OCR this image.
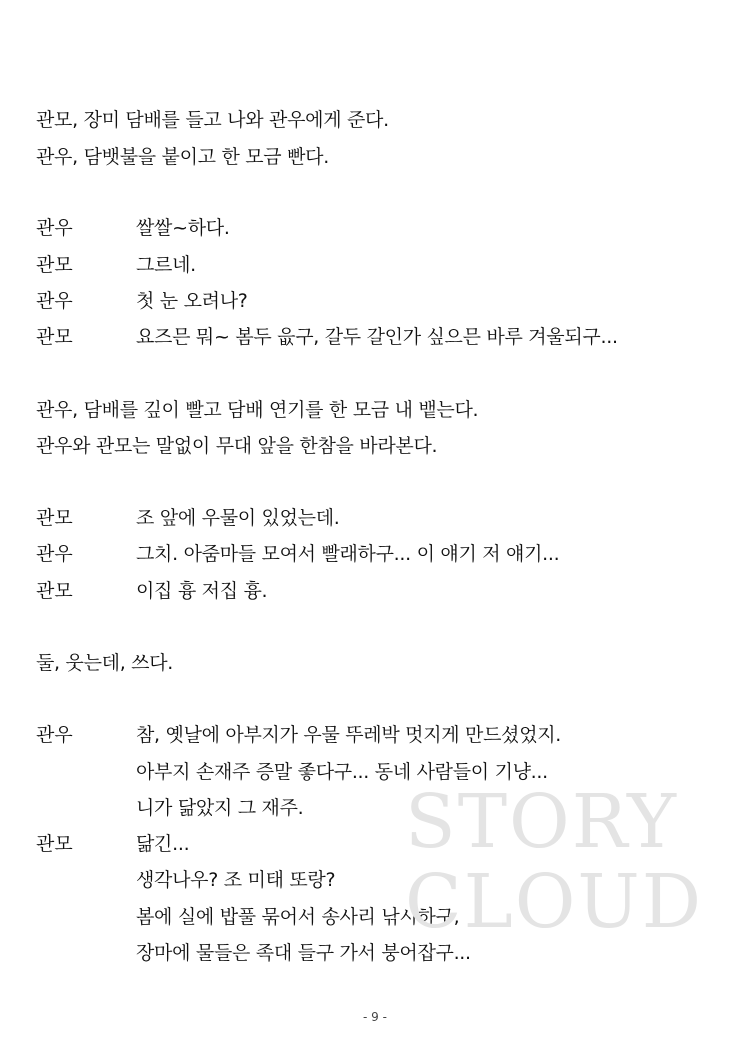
관모, 장미 담배를 들고 나와 관우에게 준다.
관우, 담뱃불을 붙이고 한 모금 빤다.
관우	쌀쌀~하다.
관모	그르네.
관우	첫 눈 오려나?
관모	요즈믄 뭐~ 봄두 읎구, 갈두 갈인가 싶으믄 바루 겨울되구...
관우, 담배를 깊이 빨고 담배 연기를 한 모금 내 뱉는다.
관우와 관모는 말없이 무대 앞을 한참을 바라본다.
관모	조 앞에 우물이 있었는데.
관우	그치. 아줌마들 모여서 빨래하구... 이 얘기 저 얘기...
관모	이집 흉 저집 흉.
둘, 웃는데, 쓰다.
관우	참, 옛날에 아부지가 우물 뚜레박 멋지게 만드셨었지.
아부지 손재주 증말 좋다구... 동네 사람들이 기냥...
니가 닮았지 그 재주.
관모	닮긴...
생각나우? 조 미태 또랑?
봄에 실에 밥풀 묶어서 송사리 낚시하구,
장마에 물들은 족대 들구 가서 붕어잡구...
STORY
CLOUD
- 9 -
